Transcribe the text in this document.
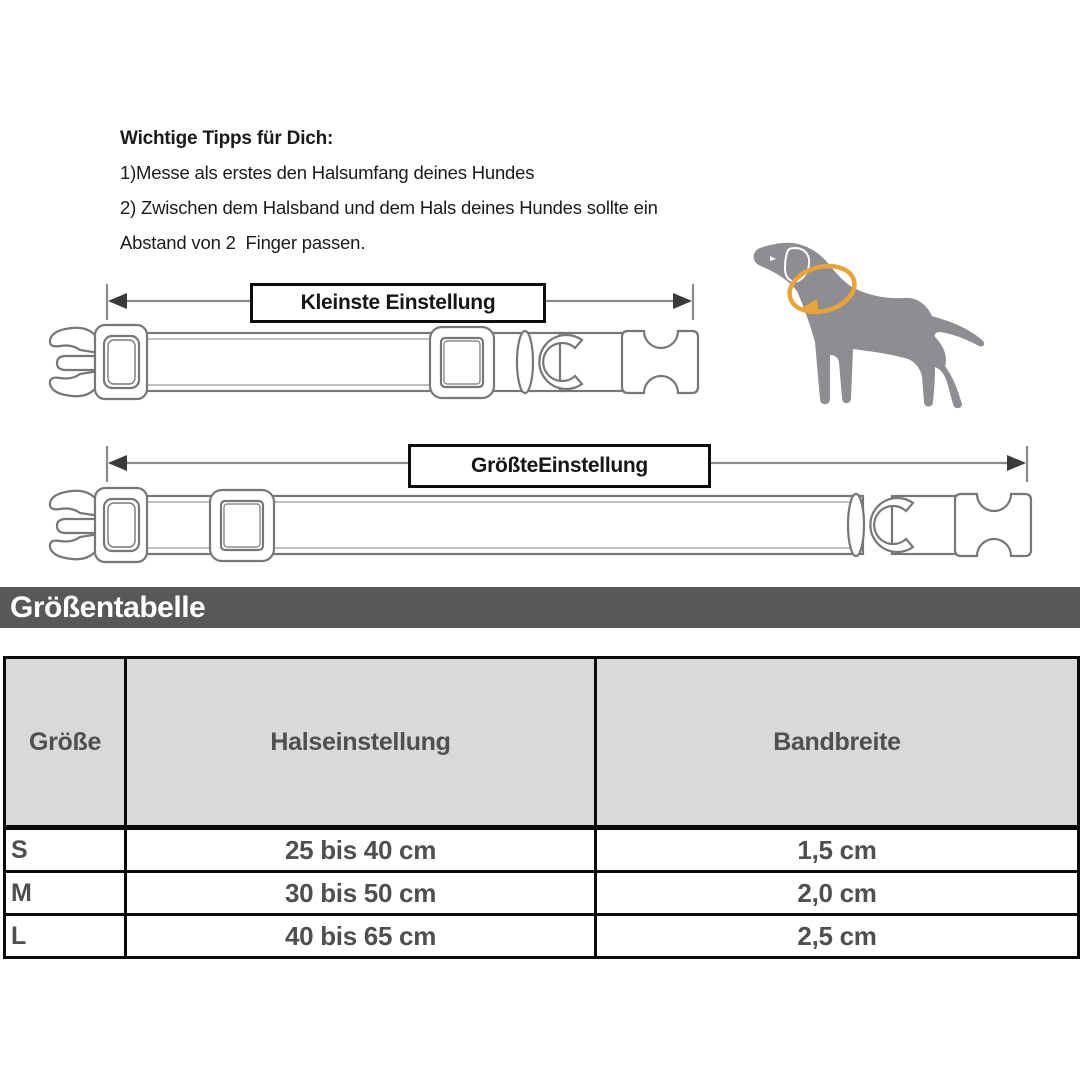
Wichtige Tipps für Dich:
1)Messe als erstes den Halsumfang deines Hundes
2) Zwischen dem Halsband und dem Hals deines Hundes sollte ein
Abstand von 2  Finger passen.
Kleinste Einstellung
GrößteEinstellung
Größentabelle
Größe	Halseinstellung	Bandbreite
S	25 bis 40 cm	1,5 cm
M	30 bis 50 cm	2,0 cm
L	40 bis 65 cm	2,5 cm
